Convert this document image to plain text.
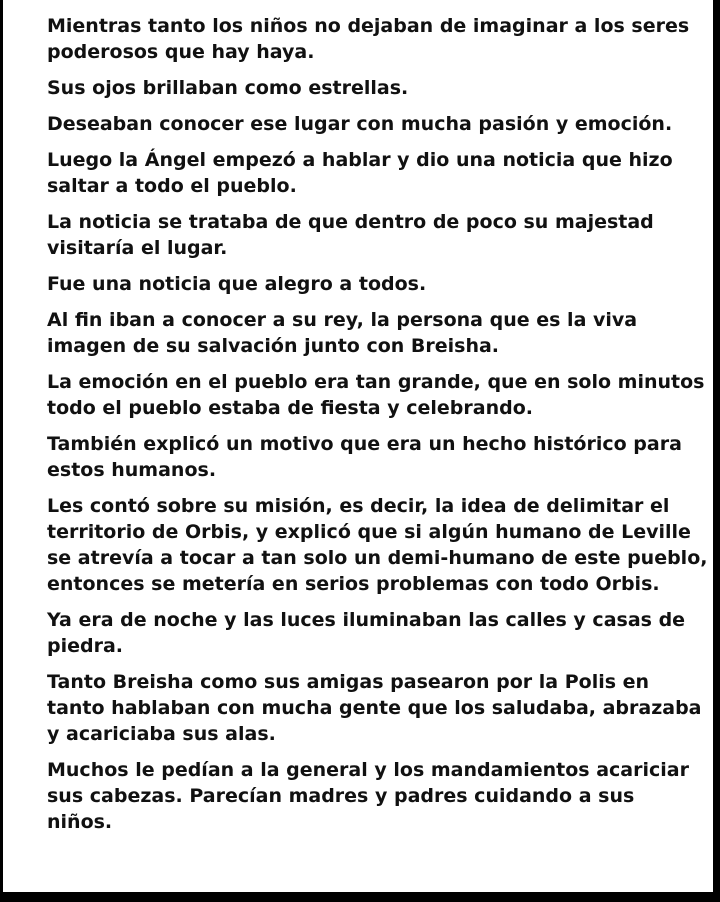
Mientras tanto los niños no dejaban de imaginar a los seres
poderosos que hay haya.

Sus ojos brillaban como estrellas.

Deseaban conocer ese lugar con mucha pasión y emoción.

Luego la Ángel empezó a hablar y dio una noticia que hizo
saltar a todo el pueblo.

La noticia se trataba de que dentro de poco su majestad
visitaría el lugar.

Fue una noticia que alegro a todos.

Al fin iban a conocer a su rey, la persona que es la viva
imagen de su salvación junto con Breisha.

La emoción en el pueblo era tan grande, que en solo minutos
todo el pueblo estaba de fiesta y celebrando.

También explicó un motivo que era un hecho histórico para
estos humanos.

Les contó sobre su misión, es decir, la idea de delimitar el
territorio de Orbis, y explicó que si algún humano de Leville
se atrevía a tocar a tan solo un demi-humano de este pueblo,
entonces se metería en serios problemas con todo Orbis.

Ya era de noche y las luces iluminaban las calles y casas de
piedra.

Tanto Breisha como sus amigas pasearon por la Polis en
tanto hablaban con mucha gente que los saludaba, abrazaba
y acariciaba sus alas.

Muchos le pedían a la general y los mandamientos acariciar
sus cabezas. Parecían madres y padres cuidando a sus
niños.
